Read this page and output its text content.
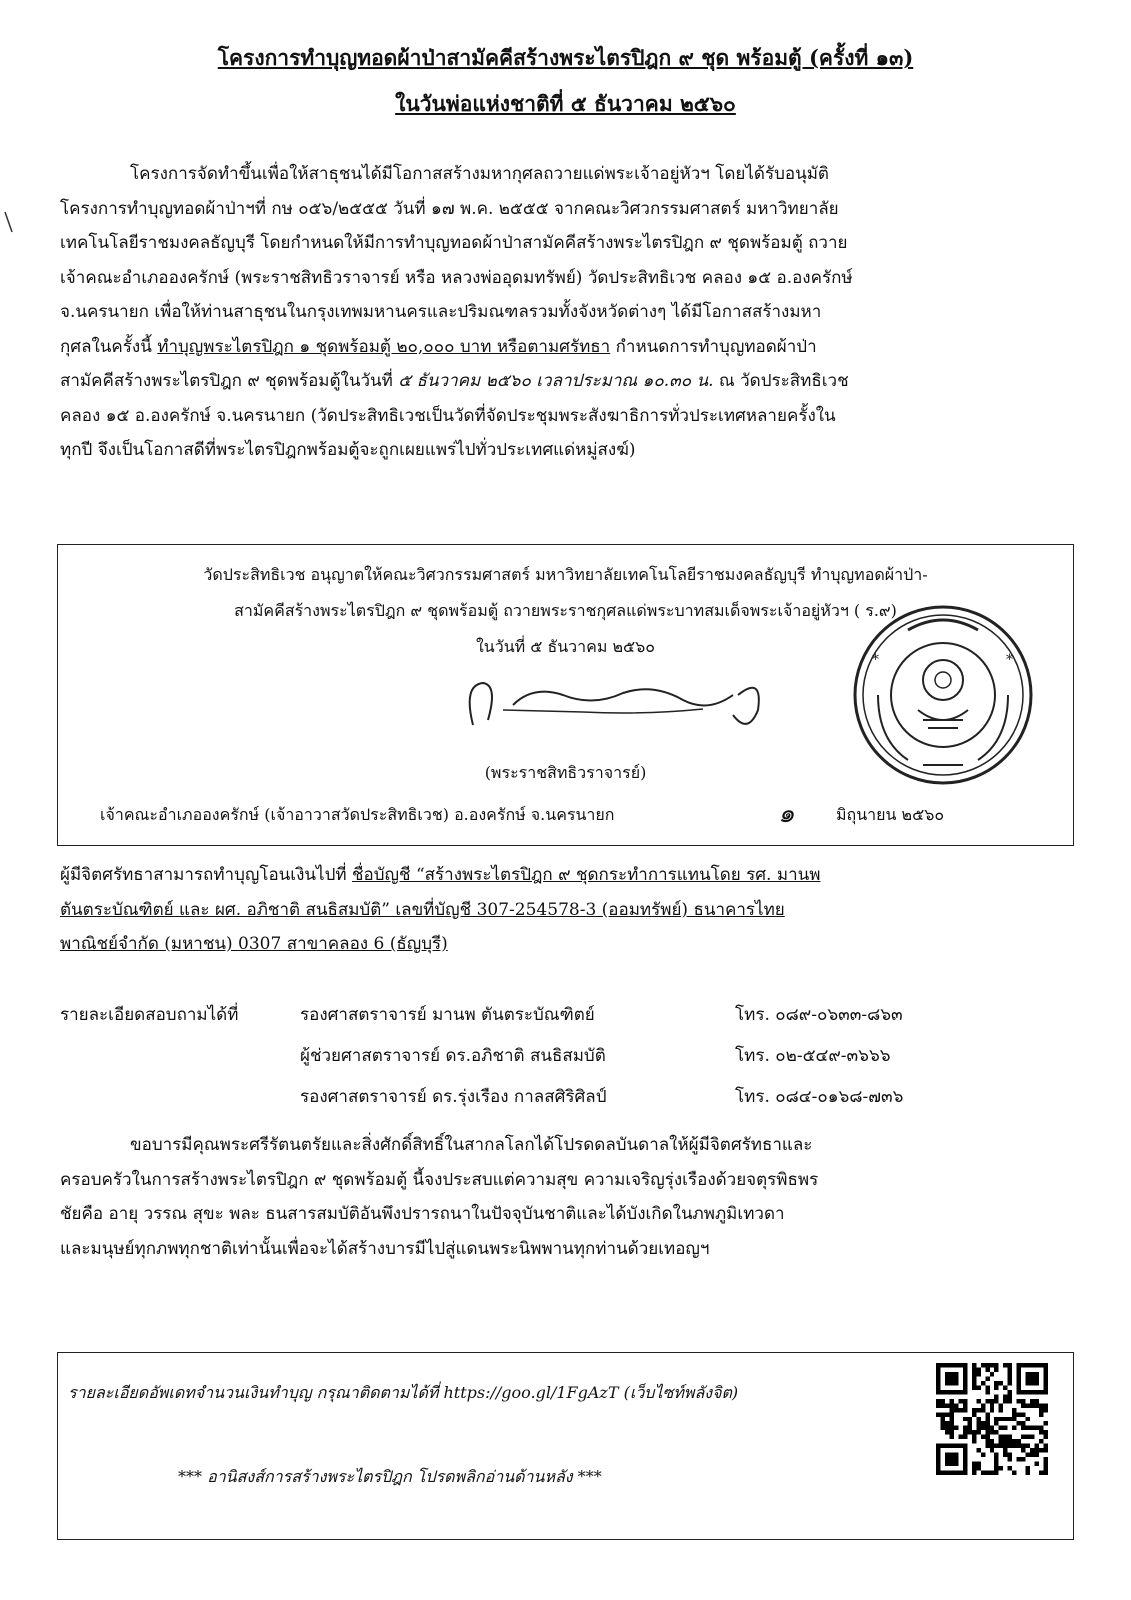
โครงการทำบุญทอดผ้าป่าสามัคคีสร้างพระไตรปิฎก ๙ ชุด พร้อมตู้ (ครั้งที่ ๑๓)
ในวันพ่อแห่งชาติที่ ๕ ธันวาคม ๒๕๖๐

โครงการจัดทำขึ้นเพื่อให้สาธุชนได้มีโอกาสสร้างมหากุศลถวายแด่พระเจ้าอยู่หัวฯ โดยได้รับอนุมัติ

โครงการทำบุญทอดผ้าป่าฯที่ กษ ๐๕๖/๒๕๕๕ วันที่ ๑๗ พ.ค. ๒๕๕๕ จากคณะวิศวกรรมศาสตร์ มหาวิทยาลัย

เทคโนโลยีราชมงคลธัญบุรี โดยกำหนดให้มีการทำบุญทอดผ้าป่าสามัคคีสร้างพระไตรปิฎก ๙ ชุดพร้อมตู้ ถวาย

เจ้าคณะอำเภอองครักษ์ (พระราชสิทธิวราจารย์ หรือ หลวงพ่ออุดมทรัพย์) วัดประสิทธิเวช คลอง ๑๕ อ.องครักษ์

จ.นครนายก เพื่อให้ท่านสาธุชนในกรุงเทพมหานครและปริมณฑลรวมทั้งจังหวัดต่างๆ ได้มีโอกาสสร้างมหา

กุศลในครั้งนี้ ทำบุญพระไตรปิฎก ๑ ชุดพร้อมตู้ ๒๐,๐๐๐ บาท หรือตามศรัทธา กำหนดการทำบุญทอดผ้าป่า

สามัคคีสร้างพระไตรปิฎก ๙ ชุดพร้อมตู้ในวันที่ ๕ ธันวาคม ๒๕๖๐ เวลาประมาณ ๑๐.๓๐ น. ณ วัดประสิทธิเวช

คลอง ๑๕ อ.องครักษ์ จ.นครนายก (วัดประสิทธิเวชเป็นวัดที่จัดประชุมพระสังฆาธิการทั่วประเทศหลายครั้งใน

ทุกปี จึงเป็นโอกาสดีที่พระไตรปิฎกพร้อมตู้จะถูกเผยแพร่ไปทั่วประเทศแด่หมู่สงฆ์)

วัดประสิทธิเวช อนุญาตให้คณะวิศวกรรมศาสตร์ มหาวิทยาลัยเทคโนโลยีราชมงคลธัญบุรี ทำบุญทอดผ้าป่า-
สามัคคีสร้างพระไตรปิฎก ๙ ชุดพร้อมตู้ ถวายพระราชกุศลแด่พระบาทสมเด็จพระเจ้าอยู่หัวฯ ( ร.๙)
ในวันที่ ๕ ธันวาคม ๒๕๖๐
(พระราชสิทธิวราจารย์)
เจ้าคณะอำเภอองครักษ์ (เจ้าอาวาสวัดประสิทธิเวช) อ.องครักษ์ จ.นครนายก	๑	มิถุนายน ๒๕๖๐
*	*

ผู้มีจิตศรัทธาสามารถทำบุญโอนเงินไปที่ ชื่อบัญชี “สร้างพระไตรปิฎก ๙ ชุดกระทำการแทนโดย รศ. มานพ

ตันตระบัณฑิตย์ และ ผศ. อภิชาติ สนธิสมบัติ” เลขที่บัญชี 307-254578-3 (ออมทรัพย์) ธนาคารไทย

พาณิชย์จำกัด (มหาชน) 0307 สาขาคลอง 6 (ธัญบุรี)

รายละเอียดสอบถามได้ที่	รองศาสตราจารย์ มานพ ตันตระบัณฑิตย์	โทร. ๐๘๙-๐๖๓๓-๘๖๓
ผู้ช่วยศาสตราจารย์ ดร.อภิชาติ สนธิสมบัติ	โทร. ๐๒-๕๔๙-๓๖๖๖
รองศาสตราจารย์ ดร.รุ่งเรือง กาลสศิริศิลป์	โทร. ๐๘๔-๐๑๖๘-๗๓๖

ขอบารมีคุณพระศรีรัตนตรัยและสิ่งศักดิ์สิทธิ์ในสากลโลกได้โปรดดลบันดาลให้ผู้มีจิตศรัทธาและ

ครอบครัวในการสร้างพระไตรปิฎก ๙ ชุดพร้อมตู้ นี้จงประสบแต่ความสุข ความเจริญรุ่งเรืองด้วยจตุรพิธพร

ชัยคือ อายุ วรรณ สุขะ พละ ธนสารสมบัติอันพึงปรารถนาในปัจจุบันชาติและได้บังเกิดในภพภูมิเทวดา

และมนุษย์ทุกภพทุกชาติเท่านั้นเพื่อจะได้สร้างบารมีไปสู่แดนพระนิพพานทุกท่านด้วยเทอญฯ

รายละเอียดอัพเดทจำนวนเงินทำบุญ กรุณาติดตามได้ที่ https://goo.gl/1FgAzT (เว็บไซท์พลังจิต)
*** อานิสงส์การสร้างพระไตรปิฎก โปรดพลิกอ่านด้านหลัง ***
